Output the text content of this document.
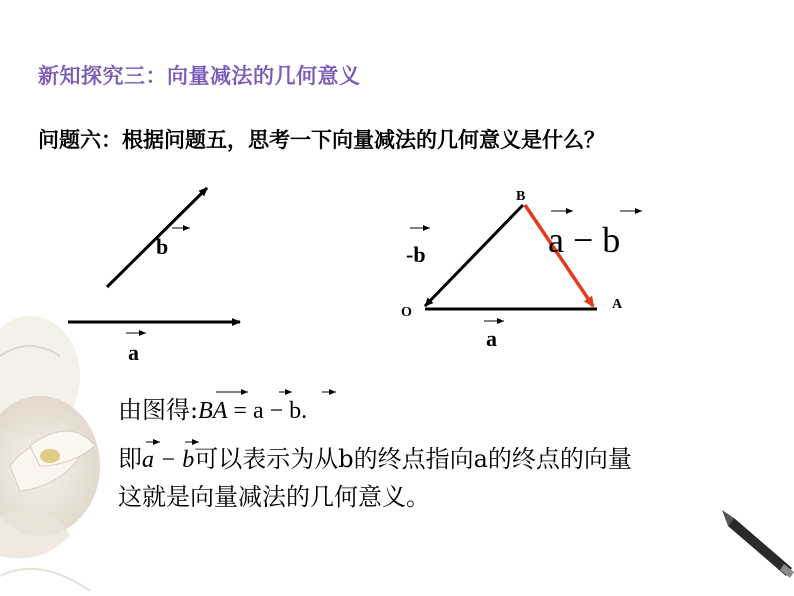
新知探究三：向量减法的几何意义
问题六：根据问题五，思考一下向量减法的几何意义是什么？
b
a
B
O
A
-b
a
a − b
由图得:BA = a − b.
即a − b可以表示为从b的终点指向a的终点的向量
这就是向量减法的几何意义。
